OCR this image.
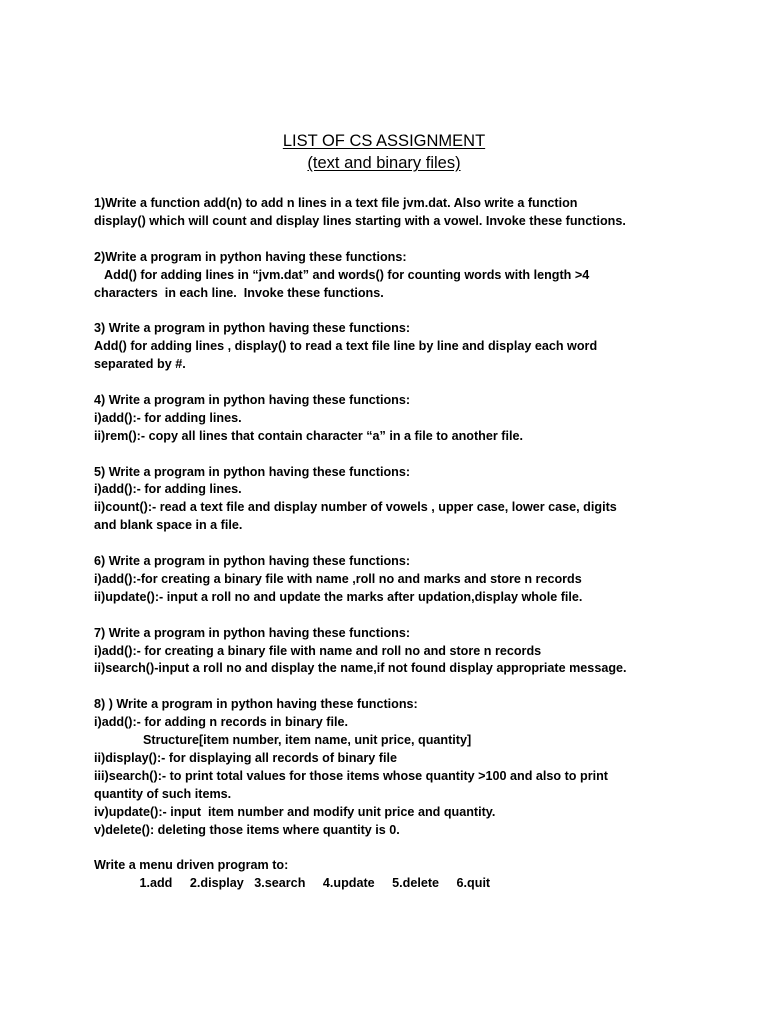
LIST OF CS ASSIGNMENT
(text and binary files)
1)Write a function add(n) to add n lines in a text file jvm.dat. Also write a function
display() which will count and display lines starting with a vowel. Invoke these functions.
2)Write a program in python having these functions:
Add() for adding lines in “jvm.dat” and words() for counting words with length >4
characters  in each line.  Invoke these functions.
3) Write a program in python having these functions:
Add() for adding lines , display() to read a text file line by line and display each word
separated by #.
4) Write a program in python having these functions:
i)add():- for adding lines.
ii)rem():- copy all lines that contain character “a” in a file to another file.
5) Write a program in python having these functions:
i)add():- for adding lines.
ii)count():- read a text file and display number of vowels , upper case, lower case, digits
and blank space in a file.
6) Write a program in python having these functions:
i)add():-for creating a binary file with name ,roll no and marks and store n records
ii)update():- input a roll no and update the marks after updation,display whole file.
7) Write a program in python having these functions:
i)add():- for creating a binary file with name and roll no and store n records
ii)search()-input a roll no and display the name,if not found display appropriate message.
8) ) Write a program in python having these functions:
i)add():- for adding n records in binary file.
Structure[item number, item name, unit price, quantity]
ii)display():- for displaying all records of binary file
iii)search():- to print total values for those items whose quantity >100 and also to print
quantity of such items.
iv)update():- input  item number and modify unit price and quantity.
v)delete(): deleting those items where quantity is 0.
Write a menu driven program to:
1.add     2.display   3.search     4.update     5.delete     6.quit
